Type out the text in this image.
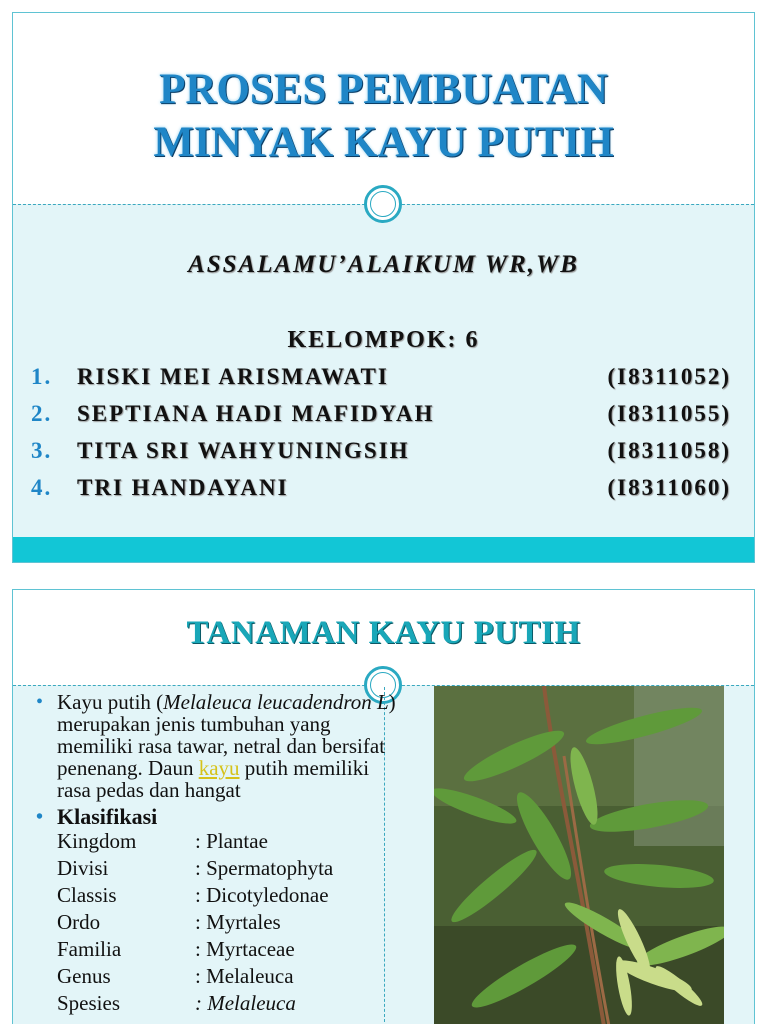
PROSES PEMBUATAN
MINYAK KAYU PUTIH
ASSALAMU’ALAIKUM WR,WB
KELOMPOK: 6
1. RISKI MEI ARISMAWATI	(I8311052)
2. SEPTIANA HADI MAFIDYAH	(I8311055)
3. TITA SRI WAHYUNINGSIH	(I8311058)
4. TRI HANDAYANI	(I8311060)
TANAMAN KAYU PUTIH
• Kayu putih (Melaleuca leucadendron L) merupakan jenis tumbuhan yang memiliki rasa tawar, netral dan bersifat penenang. Daun kayu putih memiliki rasa pedas dan hangat
• Klasifikasi
Kingdom	: Plantae
Divisi	: Spermatophyta
Classis	: Dicotyledonae
Ordo	: Myrtales
Familia	: Myrtaceae
Genus	: Melaleuca
Spesies	: Melaleuca
